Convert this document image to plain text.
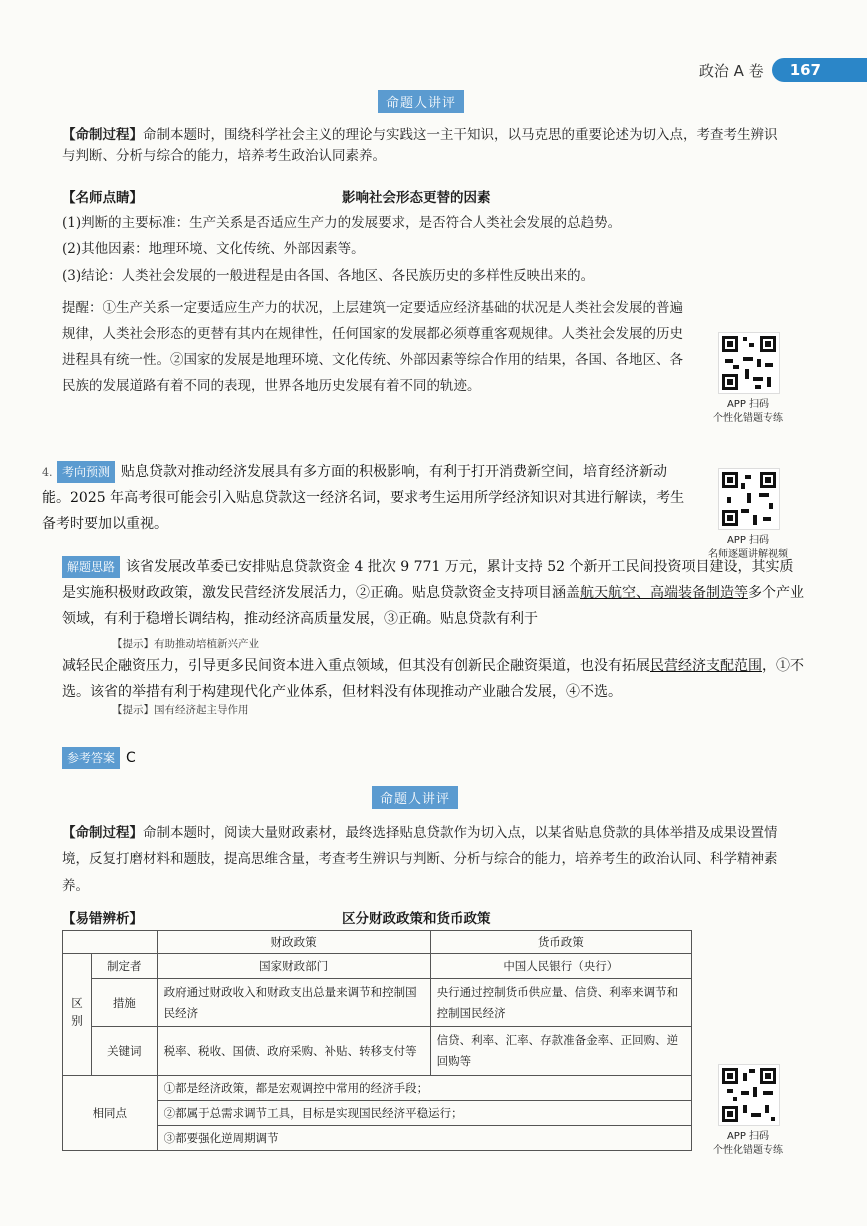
政治 A 卷	167
命题人讲评
【命制过程】命制本题时，围绕科学社会主义的理论与实践这一主干知识，以马克思的重要论述为切入点，考查考生辨识与判断、分析与综合的能力，培养考生政治认同素养。
【名师点睛】	影响社会形态更替的因素
(1)判断的主要标准：生产关系是否适应生产力的发展要求，是否符合人类社会发展的总趋势。
(2)其他因素：地理环境、文化传统、外部因素等。
(3)结论：人类社会发展的一般进程是由各国、各地区、各民族历史的多样性反映出来的。
提醒：①生产关系一定要适应生产力的状况，上层建筑一定要适应经济基础的状况是人类社会发展的普遍规律，人类社会形态的更替有其内在规律性，任何国家的发展都必须尊重客观规律。人类社会发展的历史进程具有统一性。②国家的发展是地理环境、文化传统、外部因素等综合作用的结果，各国、各地区、各民族的发展道路有着不同的表现，世界各地历史发展有着不同的轨迹。
APP 扫码
个性化错题专练
4. 考向预测 贴息贷款对推动经济发展具有多方面的积极影响，有利于打开消费新空间，培育经济新动能。2025 年高考很可能会引入贴息贷款这一经济名词，要求考生运用所学经济知识对其进行解读，考生备考时要加以重视。
APP 扫码
名师逐题讲解视频
解题思路 该省发展改革委已安排贴息贷款资金 4 批次 9 771 万元，累计支持 52 个新开工民间投资项目建设，其实质是实施积极财政政策，激发民营经济发展活力，②正确。贴息贷款资金支持项目涵盖航天航空、高端装备制造等多个产业领域，有利于稳增长调结构，推动经济高质量发展，③正确。贴息贷款有利于
【提示】有助推动培植新兴产业
减轻民企融资压力，引导更多民间资本进入重点领域，但其没有创新民企融资渠道，也没有拓展民营经济支配范围，①不选。该省的举措有利于构建现代化产业体系，但材料没有体现推动产业融合发展，④不选。
【提示】国有经济起主导作用
参考答案 C
命题人讲评
【命制过程】命制本题时，阅读大量财政素材，最终选择贴息贷款作为切入点，以某省贴息贷款的具体举措及成果设置情境，反复打磨材料和题肢，提高思维含量，考查考生辨识与判断、分析与综合的能力，培养考生的政治认同、科学精神素养。
【易错辨析】	区分财政政策和货币政策
		财政政策	货币政策
区别	制定者	国家财政部门	中国人民银行（央行）
	措施	政府通过财政收入和财政支出总量来调节和控制国民经济	央行通过控制货币供应量、信贷、利率来调节和控制国民经济
	关键词	税率、税收、国债、政府采购、补贴、转移支付等	信贷、利率、汇率、存款准备金率、正回购、逆回购等
相同点		①都是经济政策，都是宏观调控中常用的经济手段；
②都属于总需求调节工具，目标是实现国民经济平稳运行；
③都要强化逆周期调节		APP 扫码
个性化错题专练
